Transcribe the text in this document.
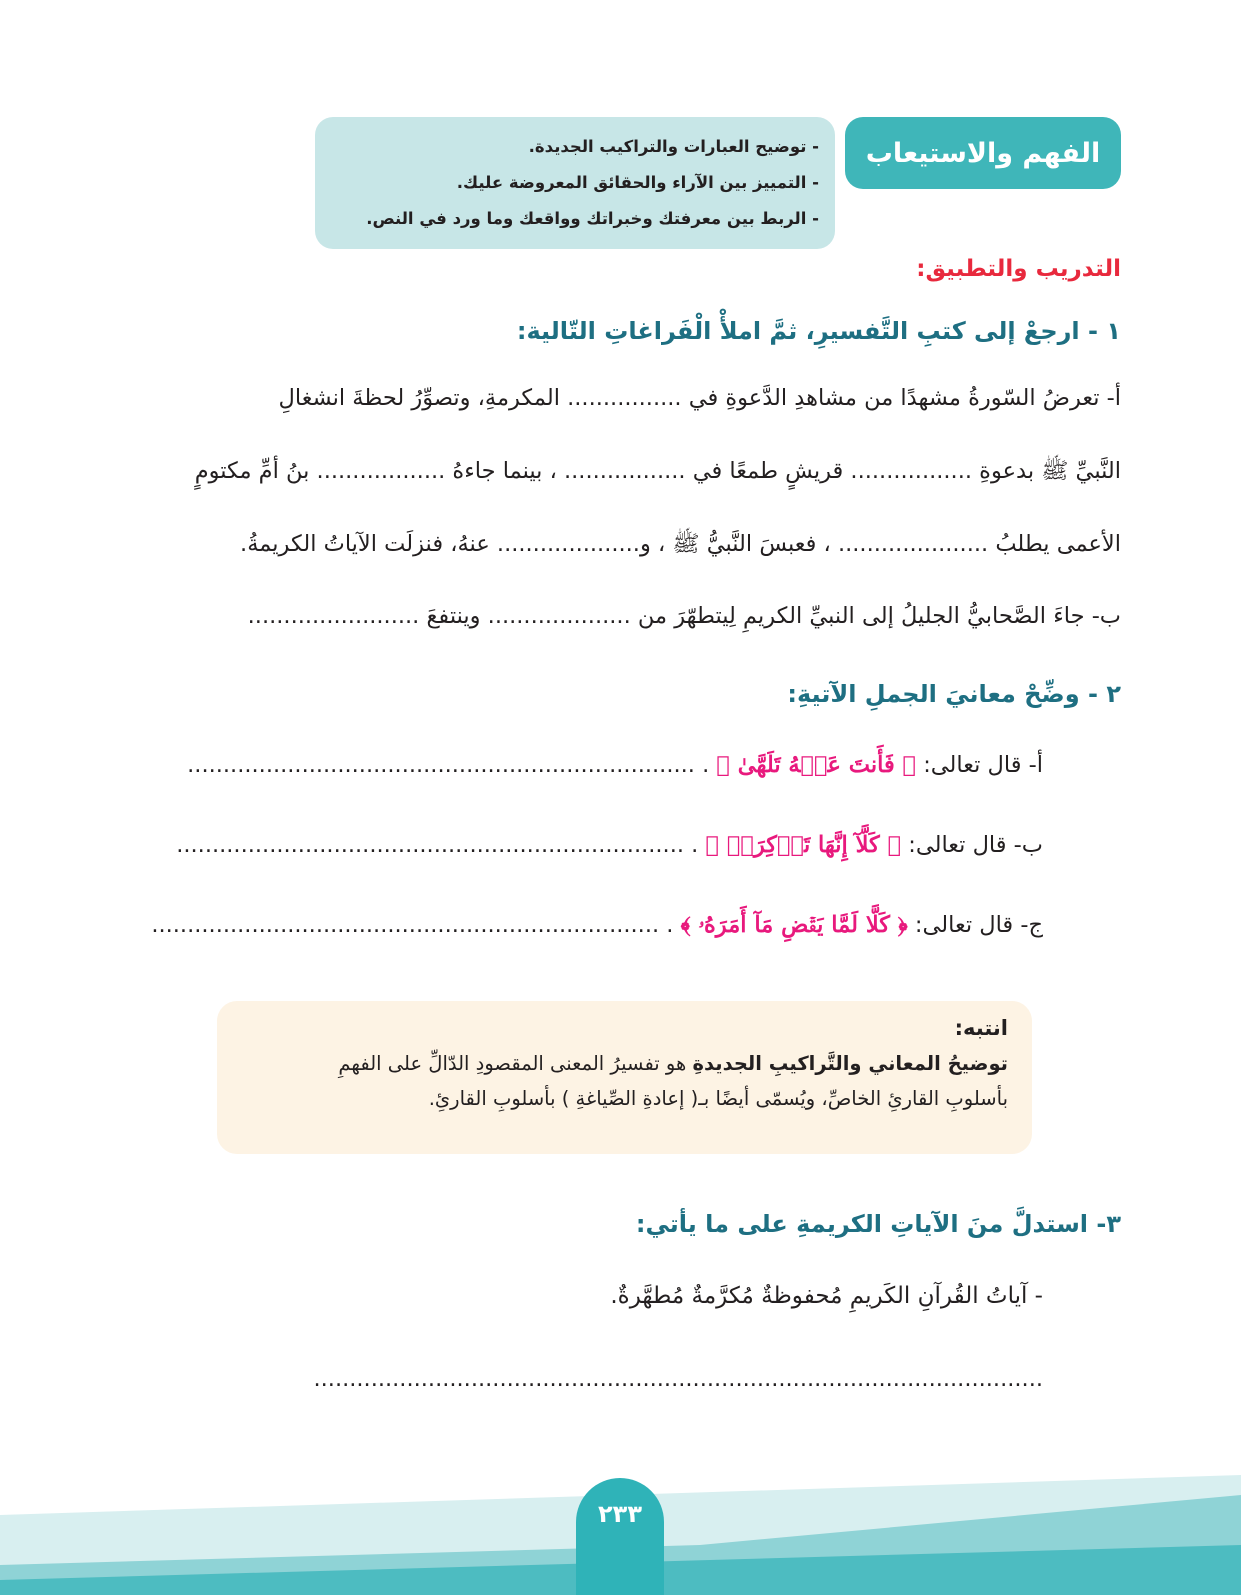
الفهم والاستيعاب
- توضيح العبارات والتراكيب الجديدة.
- التمييز بين الآراء والحقائق المعروضة عليك.
- الربط بين معرفتك وخبراتك وواقعك وما ورد في النص.
التدريب والتطبيق:
١ - ارجعْ إلى كتبِ التَّفسيرِ، ثمَّ املأْ الْفَراغاتِ التّالية:
أ- تعرضُ السّورةُ مشهدًا من مشاهدِ الدَّعوةِ في ................ المكرمةِ، وتصوِّرُ لحظةَ انشغالِ
النَّبيِّ ﷺ بدعوةِ ................. قريشٍ طمعًا في ................. ، بينما جاءهُ .................. بنُ أمِّ مكتومٍ
الأعمى يطلبُ ..................... ، فعبسَ النَّبيُّ ﷺ ، و.................... عنهُ، فنزلَت الآياتُ الكريمةُ.
ب- جاءَ الصَّحابيُّ الجليلُ إلى النبيِّ الكريمِ لِيتطهّرَ من .................... وينتفعَ ........................
٢ - وضِّحْ معانيَ الجملِ الآتيةِ:
أ- قال تعالى: ﴿ فَأَنتَ عَنۡهُ تَلَهَّىٰ ﴾ . .......................................................................
ب- قال تعالى: ﴿ كَلَّآ إِنَّهَا تَذۡكِرَةٞ ﴾ . .......................................................................
ج- قال تعالى: ﴿ كَلَّا لَمَّا يَقۡضِ مَآ أَمَرَهُۥ ﴾ . .......................................................................
انتبه:
توضيحُ المعاني والتَّراكيبِ الجديدةِ هو تفسيرُ المعنى المقصودِ الدّالِّ على الفهمِ
بأسلوبِ القارئِ الخاصِّ، ويُسمّى أيضًا بـ( إعادةِ الصِّياغةِ ) بأسلوبِ القارئِ.
٣- استدلَّ منَ الآياتِ الكريمةِ على ما يأتي:
- آياتُ القُرآنِ الكَريمِ مُحفوظةٌ مُكرَّمةٌ مُطهَّرةٌ.
......................................................................................................
٢٣٣
